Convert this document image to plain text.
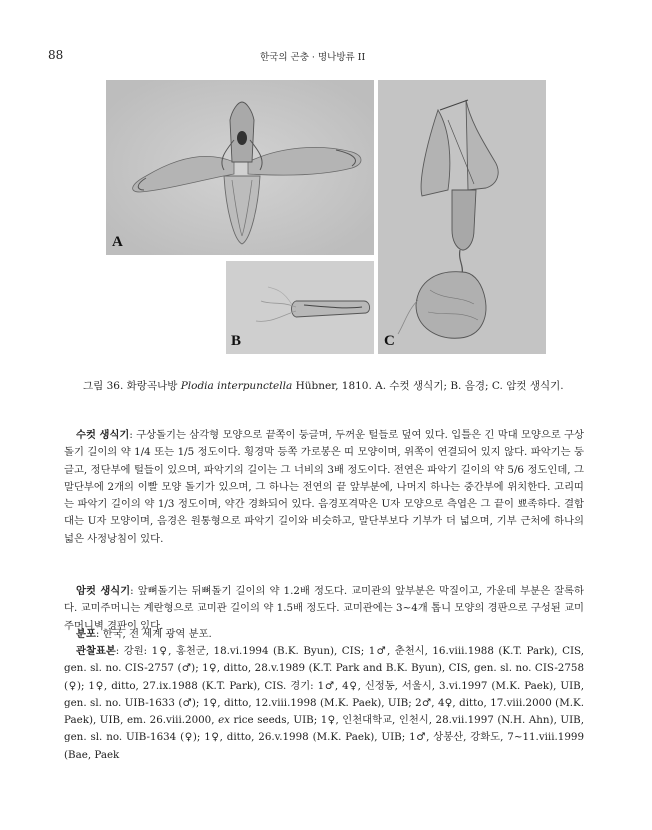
88	한국의 곤충 · 명나방류 II
A
B	C
그림 36. 화랑곡나방 Plodia interpunctella Hübner, 1810. A. 수컷 생식기; B. 음경; C. 암컷 생식기.

수컷 생식기: 구상돌기는 삼각형 모양으로 끝쪽이 둥글며, 두꺼운 털들로 덮여 있다. 입틀은 긴 막대 모양으로 구상돌기 길이의 약 1/4 또는 1/5 정도이다. 횡경막 등쪽 가로봉은 띠 모양이며, 위쪽이 연결되어 있지 않다. 파악기는 둥글고, 정단부에 털들이 있으며, 파악기의 길이는 그 너비의 3배 정도이다. 전연은 파악기 길이의 약 5/6 정도인데, 그 말단부에 2개의 이빨 모양 돌기가 있으며, 그 하나는 전연의 끝 앞부분에, 나머지 하나는 중간부에 위치한다. 고리띠는 파악기 길이의 약 1/3 정도이며, 약간 경화되어 있다. 음경포격막은 U자 모양으로 측엽은 그 끝이 뾰족하다. 결합대는 U자 모양이며, 음경은 원통형으로 파악기 길이와 비슷하고, 말단부보다 기부가 더 넓으며, 기부 근처에 하나의 넓은 사정낭침이 있다.

암컷 생식기: 앞뼈돌기는 뒤뼈돌기 길이의 약 1.2배 정도다. 교미관의 앞부분은 막질이고, 가운데 부분은 잘록하다. 교미주머니는 계란형으로 교미관 길이의 약 1.5배 정도다. 교미관에는 3~4개 톱니 모양의 경판으로 구성된 교미주머니벽 경판이 있다.

분포: 한국, 전 세계 광역 분포.

관찰표본: 강원: 1♀, 홍천군, 18.vi.1994 (B.K. Byun), CIS; 1♂, 춘천시, 16.viii.1988 (K.T. Park), CIS, gen. sl. no. CIS-2757 (♂); 1♀, ditto, 28.v.1989 (K.T. Park and B.K. Byun), CIS, gen. sl. no. CIS-2758 (♀); 1♀, ditto, 27.ix.1988 (K.T. Park), CIS. 경기: 1♂, 4♀, 신정동, 서울시, 3.vi.1997 (M.K. Paek), UIB, gen. sl. no. UIB-1633 (♂); 1♀, ditto, 12.viii.1998 (M.K. Paek), UIB; 2♂, 4♀, ditto, 17.viii.2000 (M.K. Paek), UIB, em. 26.viii.2000, ex rice seeds, UIB; 1♀, 인천대학교, 인천시, 28.vii.1997 (N.H. Ahn), UIB, gen. sl. no. UIB-1634 (♀); 1♀, ditto, 26.v.1998 (M.K. Paek), UIB; 1♂, 상봉산, 강화도, 7~11.viii.1999 (Bae, Paek
